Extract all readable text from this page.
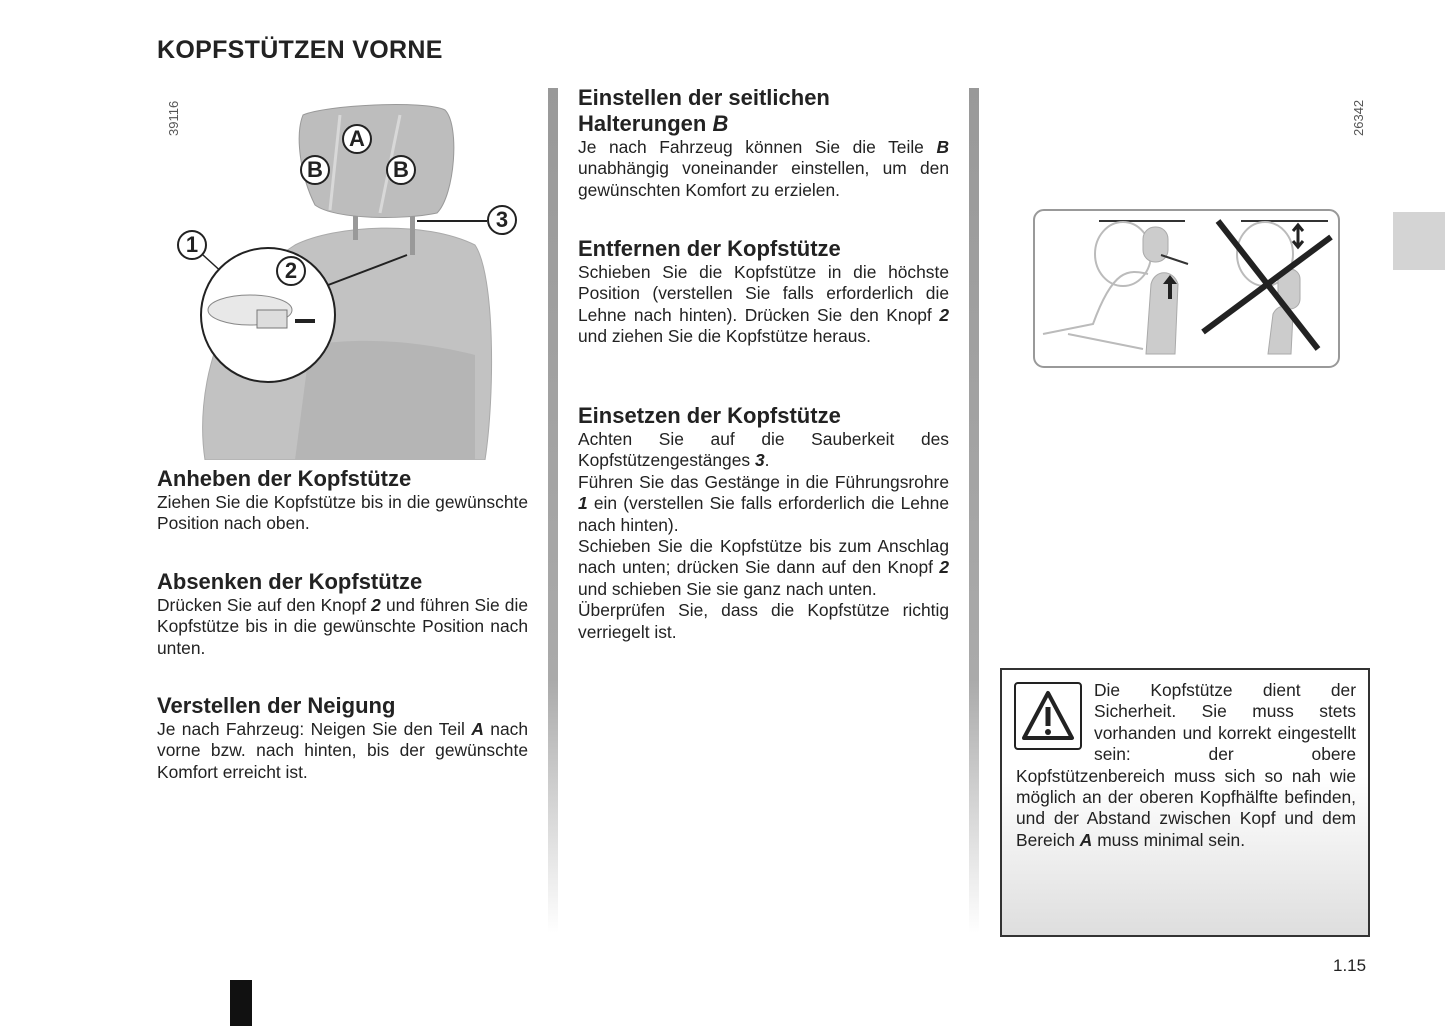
KOPFSTÜTZEN VORNE
39116	26342
A
B	B
1
2
3
Anheben der Kopfstütze

Ziehen Sie die Kopfstütze bis in die gewünschte Position nach oben.

Absenken der Kopfstütze

Drücken Sie auf den Knopf 2 und führen Sie die Kopfstütze bis in die gewünschte Position nach unten.

Verstellen der Neigung

Je nach Fahrzeug: Neigen Sie den Teil A nach vorne bzw. nach hinten, bis der gewünschte Komfort erreicht ist.

Einstellen der seitlichen Halterungen B

Je nach Fahrzeug können Sie die Teile B unabhängig voneinander einstellen, um den gewünschten Komfort zu erzielen.

Entfernen der Kopfstütze

Schieben Sie die Kopfstütze in die höchste Position (verstellen Sie falls erforderlich die Lehne nach hinten). Drücken Sie den Knopf 2 und ziehen Sie die Kopfstütze heraus.

Einsetzen der Kopfstütze

Achten Sie auf die Sauberkeit des Kopfstützengestänges 3.

Führen Sie das Gestänge in die Führungsrohre 1 ein (verstellen Sie falls erforderlich die Lehne nach hinten).

Schieben Sie die Kopfstütze bis zum Anschlag nach unten; drücken Sie dann auf den Knopf 2 und schieben Sie sie ganz nach unten.

Überprüfen Sie, dass die Kopfstütze richtig verriegelt ist.

Die Kopfstütze dient der Sicherheit. Sie muss stets vorhanden und korrekt eingestellt sein: der obere Kopfstützenbereich muss sich so nah wie möglich an der oberen Kopfhälfte befinden, und der Abstand zwischen Kopf und dem Bereich A muss minimal sein.

1.15
